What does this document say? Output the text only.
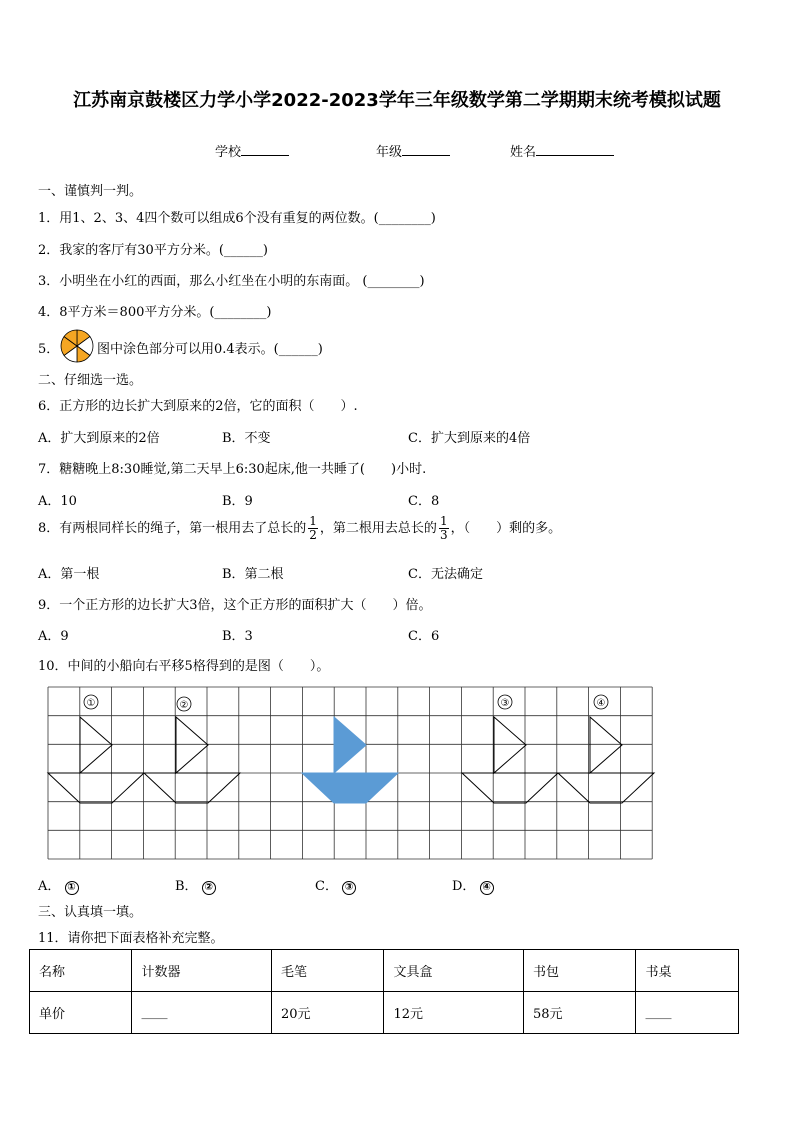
江苏南京鼓楼区力学小学2022-2023学年三年级数学第二学期期末统考模拟试题
学校	年级	姓名
一、谨慎判一判。
1．用1、2、3、4四个数可以组成6个没有重复的两位数。(________)
2．我家的客厅有30平方分米。(______)
3．小明坐在小红的西面，那么小红坐在小明的东南面。 (________)
4．8平方米＝800平方分米。(________)
5．	图中涂色部分可以用0.4表示。(______)
二、仔细选一选。
6．正方形的边长扩大到原来的2倍，它的面积（　　）.
A．扩大到原来的2倍	B．不变	C．扩大到原来的4倍
7．糖糖晚上8:30睡觉,第二天早上6:30起床,他一共睡了(　　)小时.
A．10	B．9	C．8
8．有两根同样长的绳子，第一根用去了总长的 $\frac{1}{2}$ ，第二根用去总长的 $\frac{1}{3}$ ，（　　）剩的多。
A．第一根	B．第二根	C．无法确定
9．一个正方形的边长扩大3倍，这个正方形的面积扩大（　　）倍。
A．9	B．3	C．6
10．中间的小船向右平移5格得到的是图（　　）。
①	②	③	④
A． ①	B． ②	C． ③	D． ④
三、认真填一填。
11．请你把下面表格补充完整。
名称	计数器	毛笔	文具盒	书包	书桌
单价	____	20元	12元	58元	____
